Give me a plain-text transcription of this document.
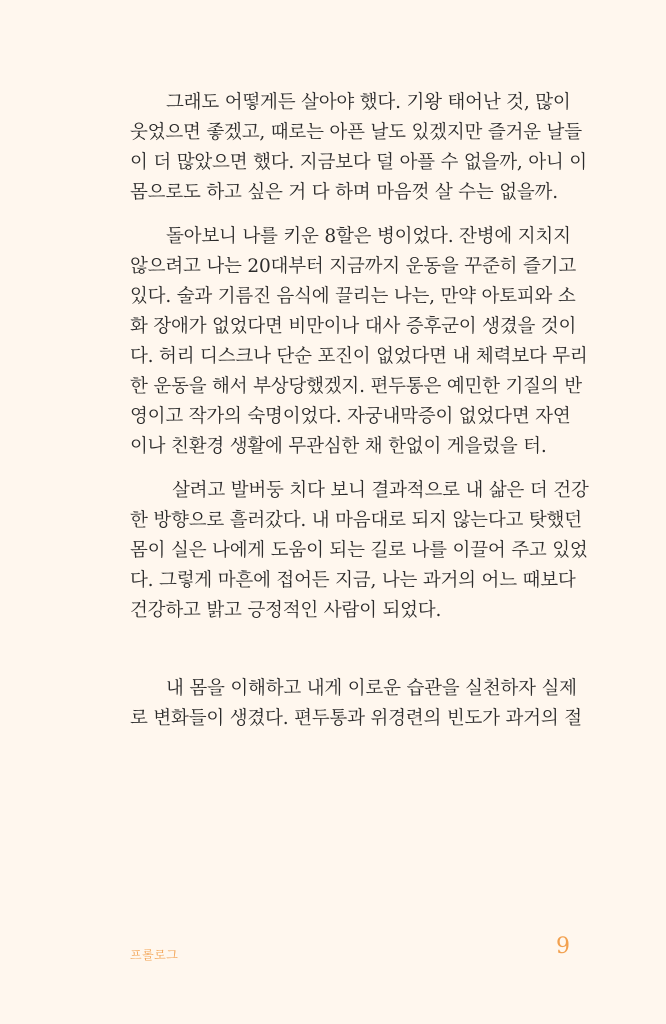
그래도 어떻게든 살아야 했다. 기왕 태어난 것, 많이
웃었으면 좋겠고, 때로는 아픈 날도 있겠지만 즐거운 날들
이 더 많았으면 했다. 지금보다 덜 아플 수 없을까, 아니 이
몸으로도 하고 싶은 거 다 하며 마음껏 살 수는 없을까.

돌아보니 나를 키운 8할은 병이었다. 잔병에 지치지
않으려고 나는 20대부터 지금까지 운동을 꾸준히 즐기고
있다. 술과 기름진 음식에 끌리는 나는, 만약 아토피와 소
화 장애가 없었다면 비만이나 대사 증후군이 생겼을 것이
다. 허리 디스크나 단순 포진이 없었다면 내 체력보다 무리
한 운동을 해서 부상당했겠지. 편두통은 예민한 기질의 반
영이고 작가의 숙명이었다. 자궁내막증이 없었다면 자연
이나 친환경 생활에 무관심한 채 한없이 게을렀을 터.

살려고 발버둥 치다 보니 결과적으로 내 삶은 더 건강
한 방향으로 흘러갔다. 내 마음대로 되지 않는다고 탓했던
몸이 실은 나에게 도움이 되는 길로 나를 이끌어 주고 있었
다. 그렇게 마흔에 접어든 지금, 나는 과거의 어느 때보다
건강하고 밝고 긍정적인 사람이 되었다.

내 몸을 이해하고 내게 이로운 습관을 실천하자 실제
로 변화들이 생겼다. 편두통과 위경련의 빈도가 과거의 절

프롤로그	9
